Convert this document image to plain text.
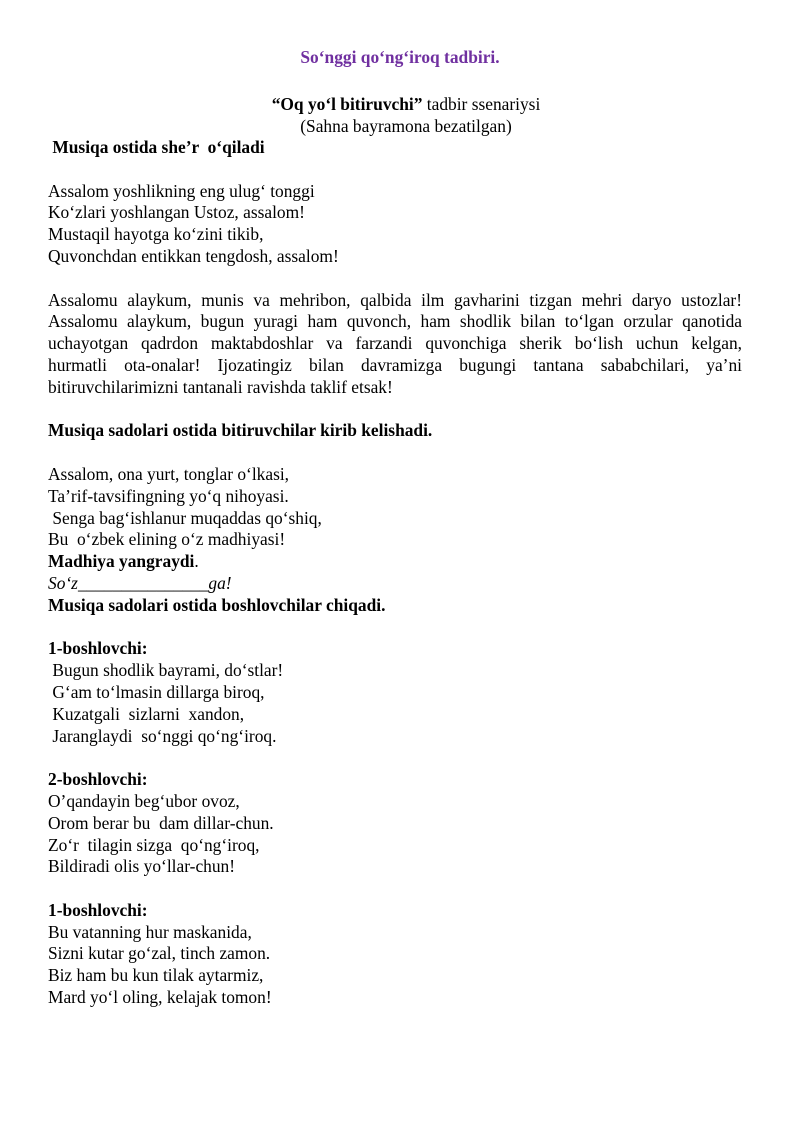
So‘nggi qo‘ng‘iroq tadbiri.
“Oq yo‘l bitiruvchi” tadbir ssenariysi
(Sahna bayramona bezatilgan)
Musiqa ostida she’r  o‘qiladi
Assalom yoshlikning eng ulug‘ tonggi
Ko‘zlari yoshlangan Ustoz, assalom!
Mustaqil hayotga ko‘zini tikib,
Quvonchdan entikkan tengdosh, assalom!
Assalomu alaykum, munis va mehribon, qalbida ilm gavharini tizgan mehri daryo ustozlar!
Assalomu alaykum, bugun yuragi ham quvonch, ham shodlik bilan to‘lgan orzular qanotida
uchayotgan qadrdon maktabdoshlar va farzandi quvonchiga sherik bo‘lish uchun kelgan,
hurmatli ota-onalar! Ijozatingiz bilan davramizga bugungi tantana sababchilari, ya’ni
bitiruvchilarimizni tantanali ravishda taklif etsak!
Musiqa sadolari ostida bitiruvchilar kirib kelishadi.
Assalom, ona yurt, tonglar o‘lkasi,
Ta’rif-tavsifingning yo‘q nihoyasi.
Senga bag‘ishlanur muqaddas qo‘shiq,
Bu  o‘zbek elining o‘z madhiyasi!
Madhiya yangraydi.
So‘z_______________ga!
Musiqa sadolari ostida boshlovchilar chiqadi.
1-boshlovchi:
Bugun shodlik bayrami, do‘stlar!
G‘am to‘lmasin dillarga biroq,
Kuzatgali  sizlarni  xandon,
Jaranglaydi  so‘nggi qo‘ng‘iroq.
2-boshlovchi:
O’qandayin beg‘ubor ovoz,
Orom berar bu  dam dillar-chun.
Zo‘r  tilagin sizga  qo‘ng‘iroq,
Bildiradi olis yo‘llar-chun!
1-boshlovchi:
Bu vatanning hur maskanida,
Sizni kutar go‘zal, tinch zamon.
Biz ham bu kun tilak aytarmiz,
Mard yo‘l oling, kelajak tomon!
